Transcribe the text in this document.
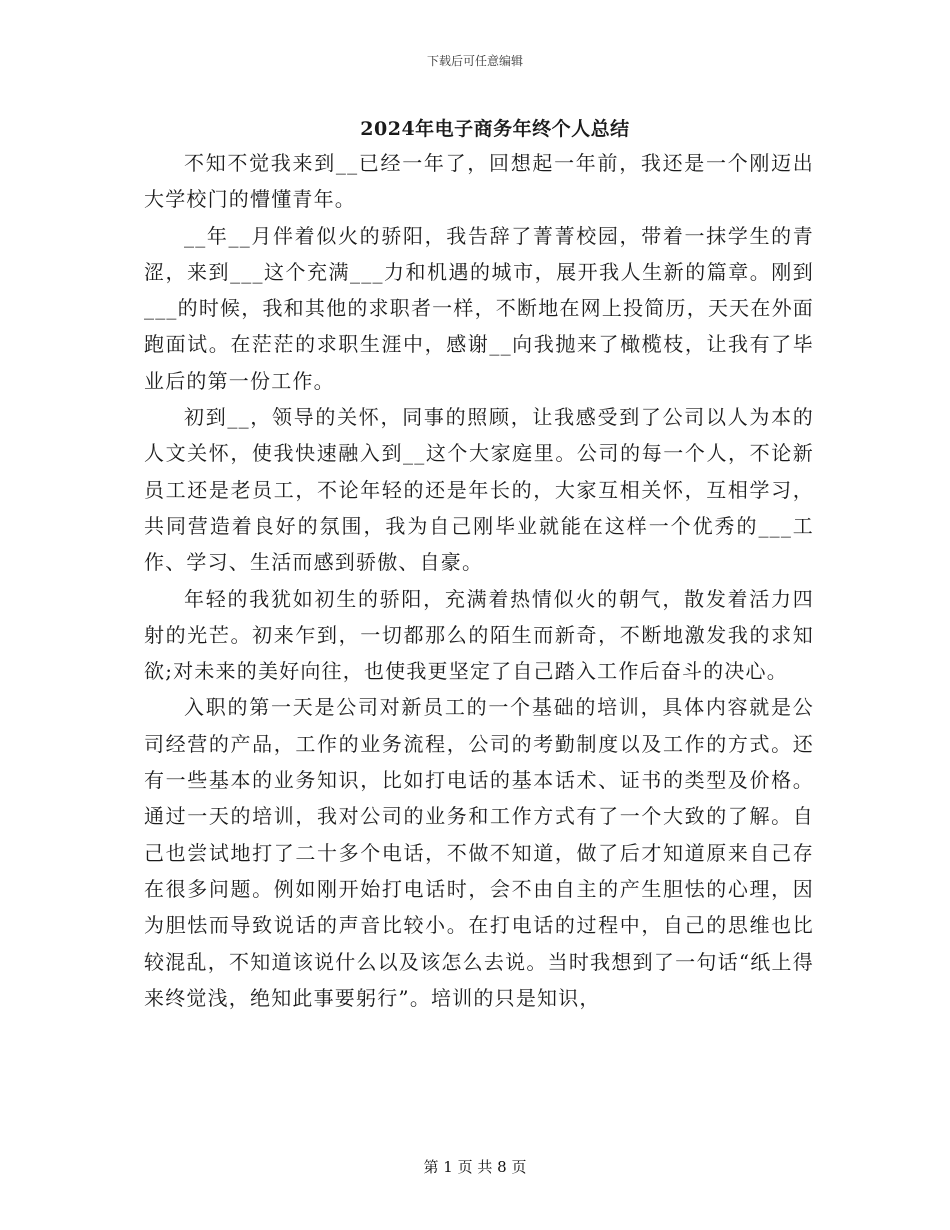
下载后可任意编辑
2024年电子商务年终个人总结

不知不觉我来到__已经一年了，回想起一年前，我还是一个刚迈出大学校门的懵懂青年。

__年__月伴着似火的骄阳，我告辞了菁菁校园，带着一抹学生的青涩，来到___这个充满___力和机遇的城市，展开我人生新的篇章。刚到___的时候，我和其他的求职者一样，不断地在网上投简历，天天在外面跑面试。在茫茫的求职生涯中，感谢__向我抛来了橄榄枝，让我有了毕业后的第一份工作。

初到__，领导的关怀，同事的照顾，让我感受到了公司以人为本的人文关怀，使我快速融入到__这个大家庭里。公司的每一个人，不论新员工还是老员工，不论年轻的还是年长的，大家互相关怀，互相学习，共同营造着良好的氛围，我为自己刚毕业就能在这样一个优秀的___工作、学习、生活而感到骄傲、自豪。

年轻的我犹如初生的骄阳，充满着热情似火的朝气，散发着活力四射的光芒。初来乍到，一切都那么的陌生而新奇，不断地激发我的求知欲;对未来的美好向往，也使我更坚定了自己踏入工作后奋斗的决心。

入职的第一天是公司对新员工的一个基础的培训，具体内容就是公司经营的产品，工作的业务流程，公司的考勤制度以及工作的方式。还有一些基本的业务知识，比如打电话的基本话术、证书的类型及价格。通过一天的培训，我对公司的业务和工作方式有了一个大致的了解。自己也尝试地打了二十多个电话，不做不知道，做了后才知道原来自己存在很多问题。例如刚开始打电话时，会不由自主的产生胆怯的心理，因为胆怯而导致说话的声音比较小。在打电话的过程中，自己的思维也比较混乱，不知道该说什么以及该怎么去说。当时我想到了一句话“纸上得来终觉浅，绝知此事要躬行”。培训的只是知识，

第 1 页 共 8 页
